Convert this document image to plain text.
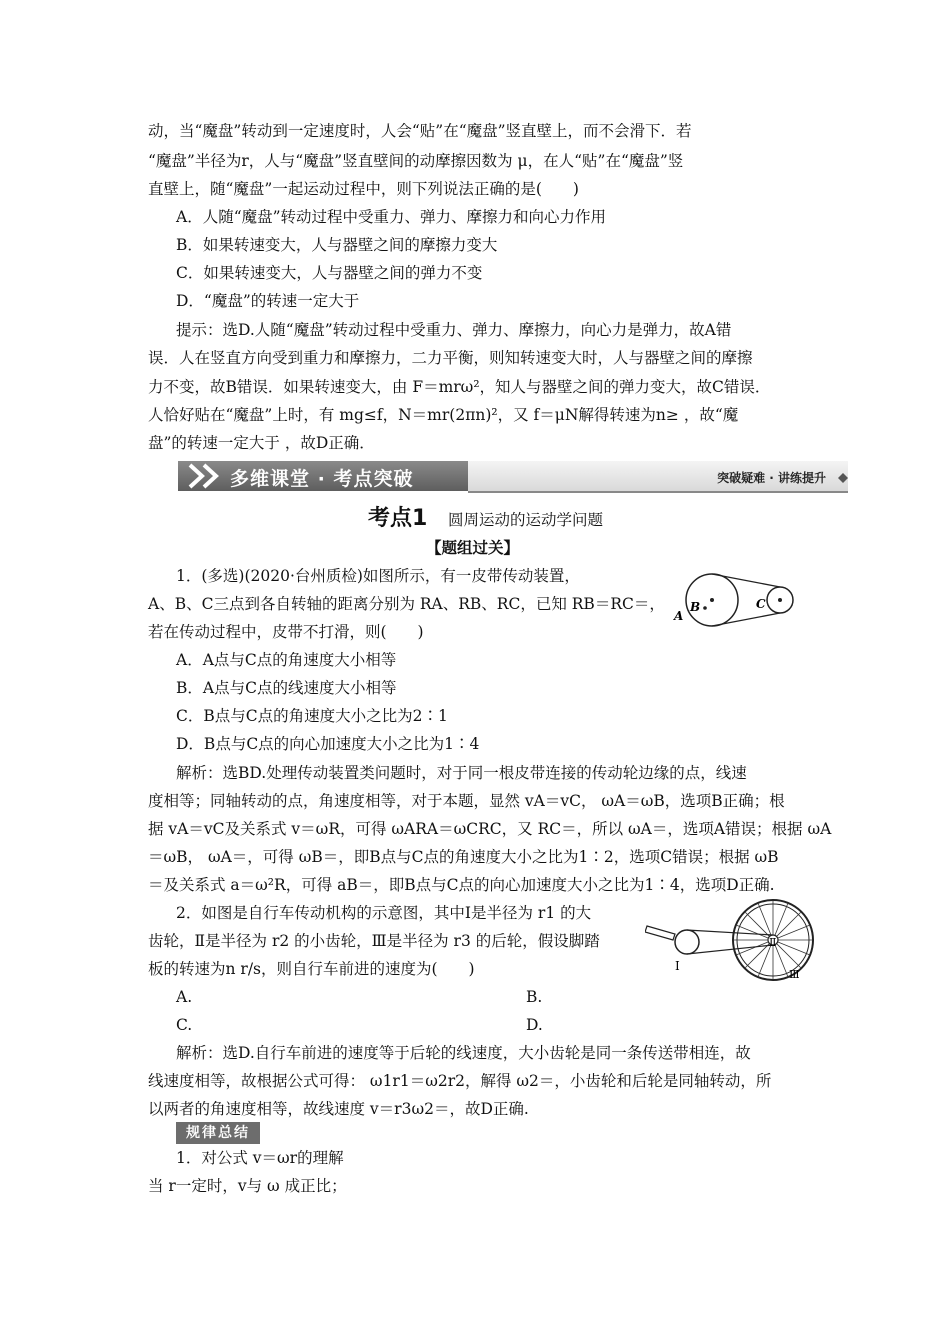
动，当“魔盘”转动到一定速度时，人会“贴”在“魔盘”竖直壁上，而不会滑下．若
“魔盘”半径为r，人与“魔盘”竖直壁间的动摩擦因数为 μ，在人“贴”在“魔盘”竖
直壁上，随“魔盘”一起运动过程中，则下列说法正确的是(　　)
A．人随“魔盘”转动过程中受重力、弹力、摩擦力和向心力作用
B．如果转速变大，人与器壁之间的摩擦力变大
C．如果转速变大，人与器壁之间的弹力不变
D．“魔盘”的转速一定大于
提示：选D.人随“魔盘”转动过程中受重力、弹力、摩擦力，向心力是弹力，故A错
误．人在竖直方向受到重力和摩擦力，二力平衡，则知转速变大时，人与器壁之间的摩擦
力不变，故B错误．如果转速变大，由 F＝mrω²，知人与器壁之间的弹力变大，故C错误．
人恰好贴在“魔盘”上时，有 mg≤f，N＝mr(2πn)²，又 f＝μN解得转速为n≥ ，故“魔
盘”的转速一定大于 ，故D正确．
多维课堂 · 考点突破	突破疑难 · 讲练提升
考点1 圆周运动的运动学问题
【题组过关】
1．(多选)(2020·台州质检)如图所示，有一皮带传动装置，
A、B、C三点到各自转轴的距离分别为 RA、RB、RC，已知 RB＝RC＝，
若在传动过程中，皮带不打滑，则(　　)
A
B	C
A．A点与C点的角速度大小相等
B．A点与C点的线速度大小相等
C．B点与C点的角速度大小之比为2∶1
D．B点与C点的向心加速度大小之比为1∶4
解析：选BD.处理传动装置类问题时，对于同一根皮带连接的传动轮边缘的点，线速
度相等；同轴转动的点，角速度相等，对于本题，显然 vA＝vC， ωA＝ωB，选项B正确；根
据 vA＝vC及关系式 v＝ωR，可得 ωARA＝ωCRC，又 RC＝，所以 ωA＝，选项A错误；根据 ωA
＝ωB， ωA＝，可得 ωB＝，即B点与C点的角速度大小之比为1∶2，选项C错误；根据 ωB
＝及关系式 a＝ω²R，可得 aB＝，即B点与C点的向心加速度大小之比为1∶4，选项D正确.
2．如图是自行车传动机构的示意图，其中Ⅰ是半径为 r1 的大
齿轮，Ⅱ是半径为 r2 的小齿轮，Ⅲ是半径为 r3 的后轮，假设脚踏
板的转速为n r/s，则自行车前进的速度为(　　)	Ⅰ
Ⅱ
Ⅲ
A.	B.
C.	D.
解析：选D.自行车前进的速度等于后轮的线速度，大小齿轮是同一条传送带相连，故
线速度相等，故根据公式可得： ω1r1＝ω2r2，解得 ω2＝，小齿轮和后轮是同轴转动，所
以两者的角速度相等，故线速度 v＝r3ω2＝，故D正确.
规律总结
1．对公式 v＝ωr的理解
当 r一定时，v与 ω 成正比；
